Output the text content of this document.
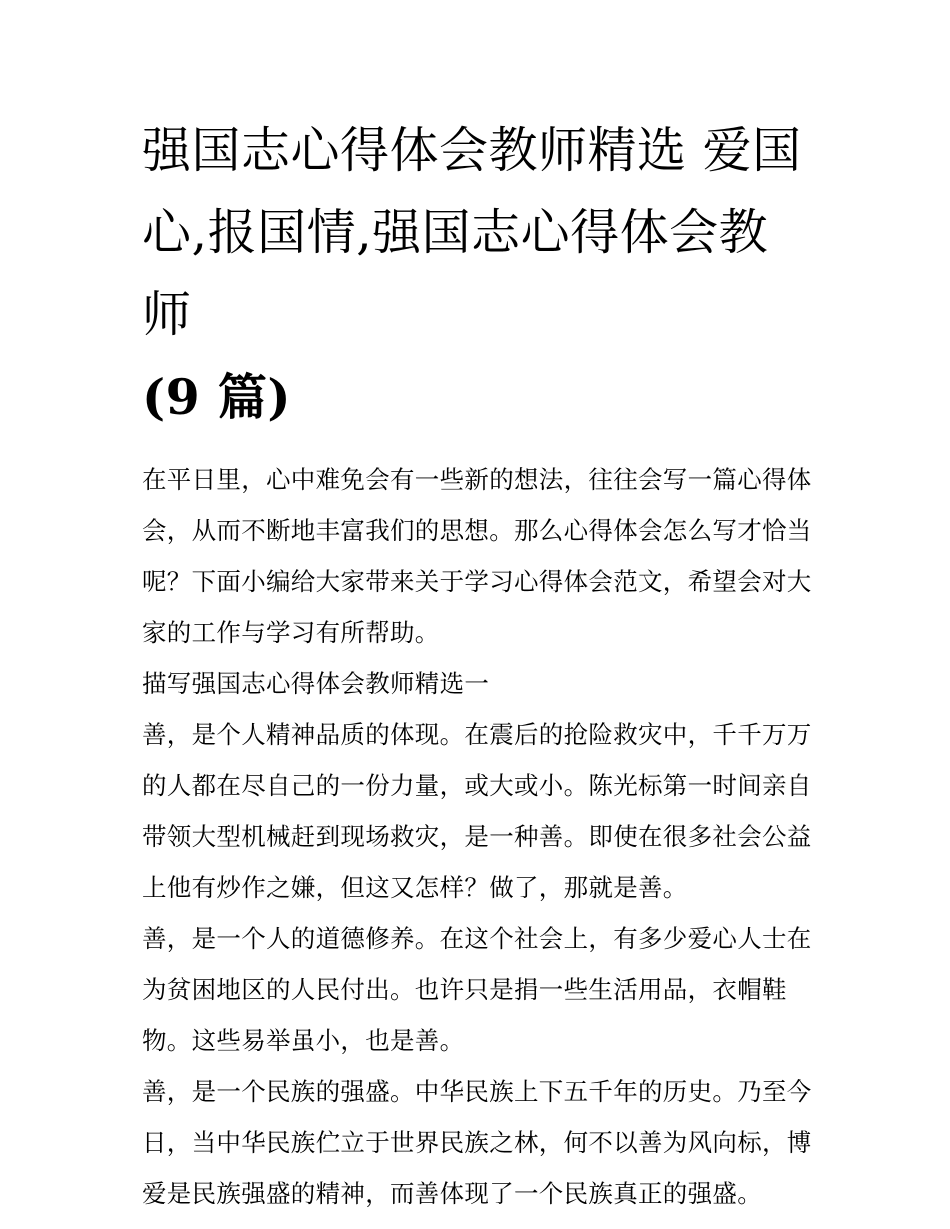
强国志心得体会教师精选 爱国
心,报国情,强国志心得体会教师
(9 篇)

在平日里，心中难免会有一些新的想法，往往会写一篇心得体会，从而不断地丰富我们的思想。那么心得体会怎么写才恰当呢？下面小编给大家带来关于学习心得体会范文，希望会对大家的工作与学习有所帮助。

描写强国志心得体会教师精选一

善，是个人精神品质的体现。在震后的抢险救灾中，千千万万的人都在尽自己的一份力量，或大或小。陈光标第一时间亲自带领大型机械赶到现场救灾，是一种善。即使在很多社会公益上他有炒作之嫌，但这又怎样？做了，那就是善。

善，是一个人的道德修养。在这个社会上，有多少爱心人士在为贫困地区的人民付出。也许只是捐一些生活用品，衣帽鞋物。这些易举虽小，也是善。

善，是一个民族的强盛。中华民族上下五千年的历史。乃至今日，当中华民族伫立于世界民族之林，何不以善为风向标，博爱是民族强盛的精神，而善体现了一个民族真正的强盛。
